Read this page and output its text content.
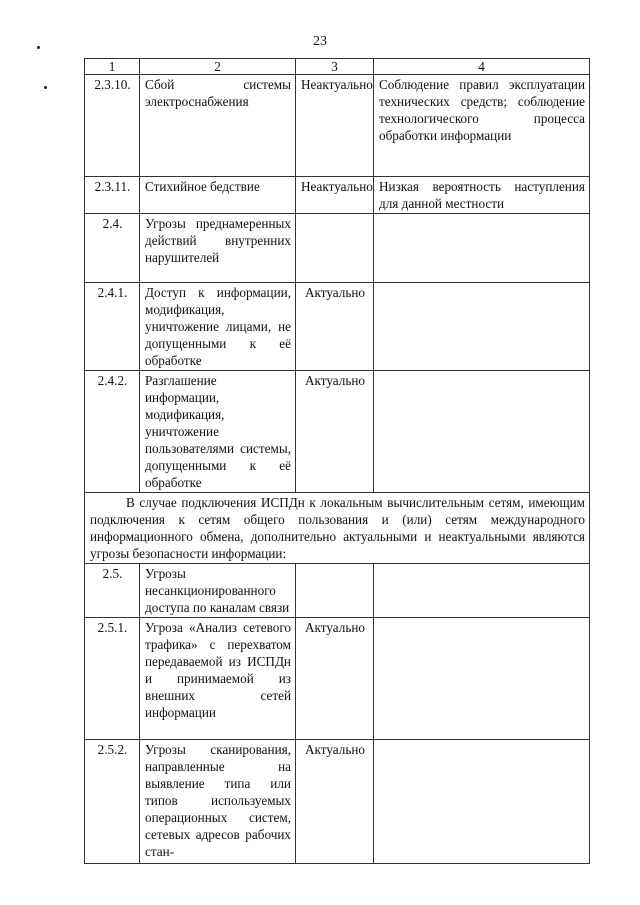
23
1	2	3	4
2.3.10.	Сбой системы электроснабжения	Неактуально	Соблюдение правил эксплуатации технических средств; соблюдение технологического процесса обработки информации
2.3.11.	Стихийное бедствие	Неактуально	Низкая вероятность наступления для данной местности
2.4.	Угрозы преднамеренных действий внутренних нарушителей		
2.4.1.	Доступ к информации, модификация, уничтожение лицами, не допущенными к её обработке	Актуально	
2.4.2.	Разглашение информации, модификация, уничтожение пользователями системы, допущенными к её обработке	Актуально	
В случае подключения ИСПДн к локальным вычислительным сетям, имеющим подключения к сетям общего пользования и (или) сетям международного информационного обмена, дополнительно актуальными и неактуальными являются угрозы безопасности информации:			
2.5.	Угрозы несанкционированного доступа по каналам связи		
2.5.1.	Угроза «Анализ сетевого трафика» с перехватом передаваемой из ИСПДн и принимаемой из внешних сетей информации	Актуально	
2.5.2.	Угрозы сканирования, направленные на выявление типа или типов используемых операционных систем, сетевых адресов рабочих стан-	Актуально	
